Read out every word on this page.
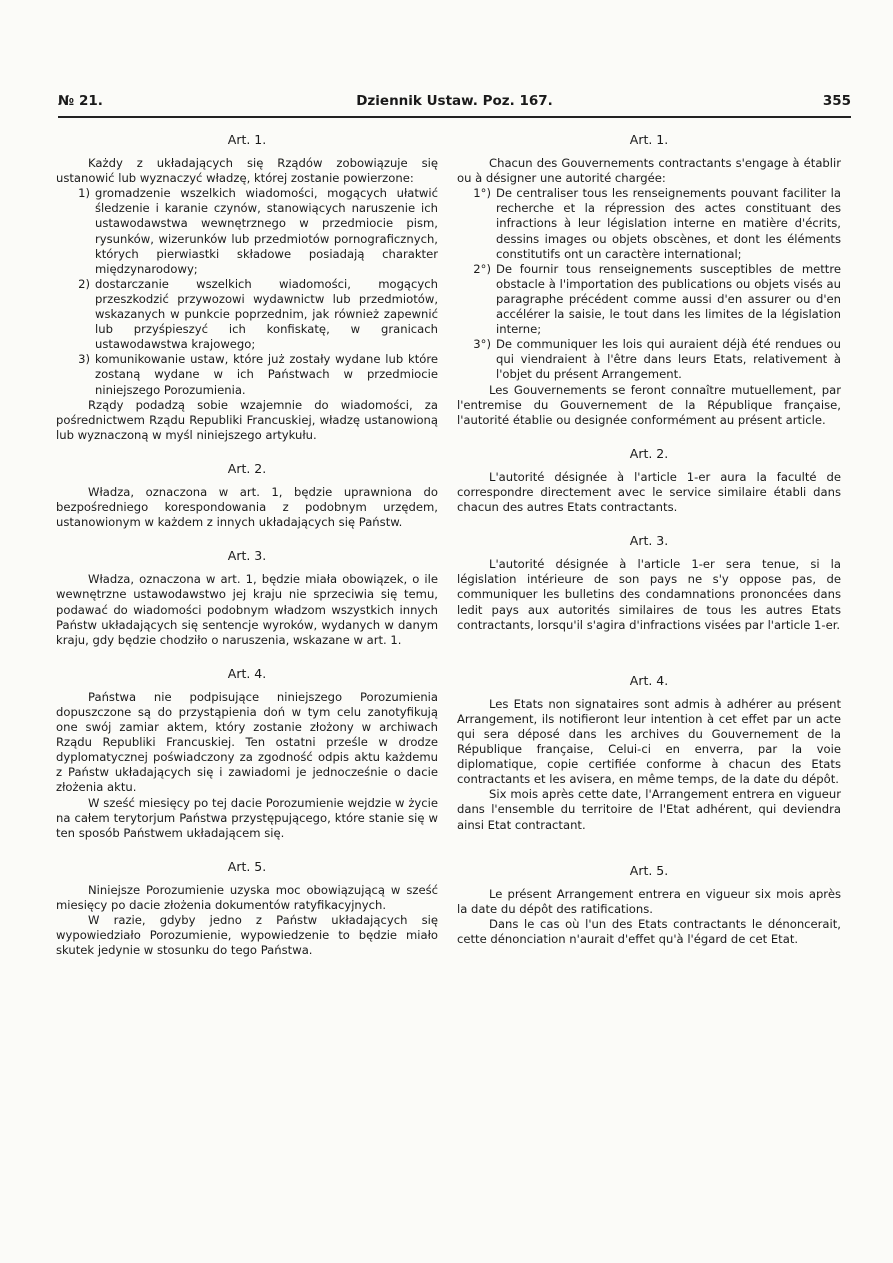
№ 21.	Dziennik Ustaw. Poz. 167.	355
Art. 1.

Każdy z układających się Rządów zobowiązuje się ustanowić lub wyznaczyć władzę, której zostanie powierzone:

1) gromadzenie wszelkich wiadomości, mogących ułatwić śledzenie i karanie czynów, stanowiących naruszenie ich ustawodawstwa wewnętrznego w przedmiocie pism, rysunków, wizerunków lub przedmiotów pornograficznych, których pierwiastki składowe posiadają charakter międzynarodowy;
2) dostarczanie wszelkich wiadomości, mogących przeszkodzić przywozowi wydawnictw lub przedmiotów, wskazanych w punkcie poprzednim, jak również zapewnić lub przyśpieszyć ich konfiskatę, w granicach ustawodawstwa krajowego;
3) komunikowanie ustaw, które już zostały wydane lub które zostaną wydane w ich Państwach w przedmiocie niniejszego Porozumienia.

Rządy podadzą sobie wzajemnie do wiadomości, za pośrednictwem Rządu Republiki Francuskiej, władzę ustanowioną lub wyznaczoną w myśl niniejszego artykułu.

Art. 2.

Władza, oznaczona w art. 1, będzie uprawniona do bezpośredniego korespondowania z podobnym urzędem, ustanowionym w każdem z innych układających się Państw.

Art. 3.

Władza, oznaczona w art. 1, będzie miała obowiązek, o ile wewnętrzne ustawodawstwo jej kraju nie sprzeciwia się temu, podawać do wiadomości podobnym władzom wszystkich innych Państw układających się sentencje wyroków, wydanych w danym kraju, gdy będzie chodziło o naruszenia, wskazane w art. 1.

Art. 4.

Państwa nie podpisujące niniejszego Porozumienia dopuszczone są do przystąpienia doń w tym celu zanotyfikują one swój zamiar aktem, który zostanie złożony w archiwach Rządu Republiki Francuskiej. Ten ostatni prześle w drodze dyplomatycznej poświadczony za zgodność odpis aktu każdemu z Państw układających się i zawiadomi je jednocześnie o dacie złożenia aktu.

W sześć miesięcy po tej dacie Porozumienie wejdzie w życie na całem terytorjum Państwa przystępującego, które stanie się w ten sposób Państwem układającem się.

Art. 5.

Niniejsze Porozumienie uzyska moc obowiązującą w sześć miesięcy po dacie złożenia dokumentów ratyfikacyjnych.

W razie, gdyby jedno z Państw układających się wypowiedziało Porozumienie, wypowiedzenie to będzie miało skutek jedynie w stosunku do tego Państwa.

Art. 1.

Chacun des Gouvernements contractants s'engage à établir ou à désigner une autorité chargée:

1°) De centraliser tous les renseignements pouvant faciliter la recherche et la répression des actes constituant des infractions à leur législation interne en matière d'écrits, dessins images ou objets obscènes, et dont les éléments constitutifs ont un caractère international;
2°) De fournir tous renseignements susceptibles de mettre obstacle à l'importation des publications ou objets visés au paragraphe précédent comme aussi d'en assurer ou d'en accélérer la saisie, le tout dans les limites de la législation interne;
3°) De communiquer les lois qui auraient déjà été rendues ou qui viendraient à l'être dans leurs Etats, relativement à l'objet du présent Arrangement.

Les Gouvernements se feront connaître mutuellement, par l'entremise du Gouvernement de la République française, l'autorité établie ou designée conformément au présent article.

Art. 2.

L'autorité désignée à l'article 1-er aura la faculté de correspondre directement avec le service similaire établi dans chacun des autres Etats contractants.

Art. 3.

L'autorité désignée à l'article 1-er sera tenue, si la législation intérieure de son pays ne s'y oppose pas, de communiquer les bulletins des condamnations prononcées dans ledit pays aux autorités similaires de tous les autres Etats contractants, lorsqu'il s'agira d'infractions visées par l'article 1-er.

Art. 4.

Les Etats non signataires sont admis à adhérer au présent Arrangement, ils notifieront leur intention à cet effet par un acte qui sera déposé dans les archives du Gouvernement de la République française, Celui-ci en enverra, par la voie diplomatique, copie certifiée conforme à chacun des Etats contractants et les avisera, en même temps, de la date du dépôt.

Six mois après cette date, l'Arrangement entrera en vigueur dans l'ensemble du territoire de l'Etat adhérent, qui deviendra ainsi Etat contractant.

Art. 5.

Le présent Arrangement entrera en vigueur six mois après la date du dépôt des ratifications.

Dans le cas où l'un des Etats contractants le dénoncerait, cette dénonciation n'aurait d'effet qu'à l'égard de cet Etat.
